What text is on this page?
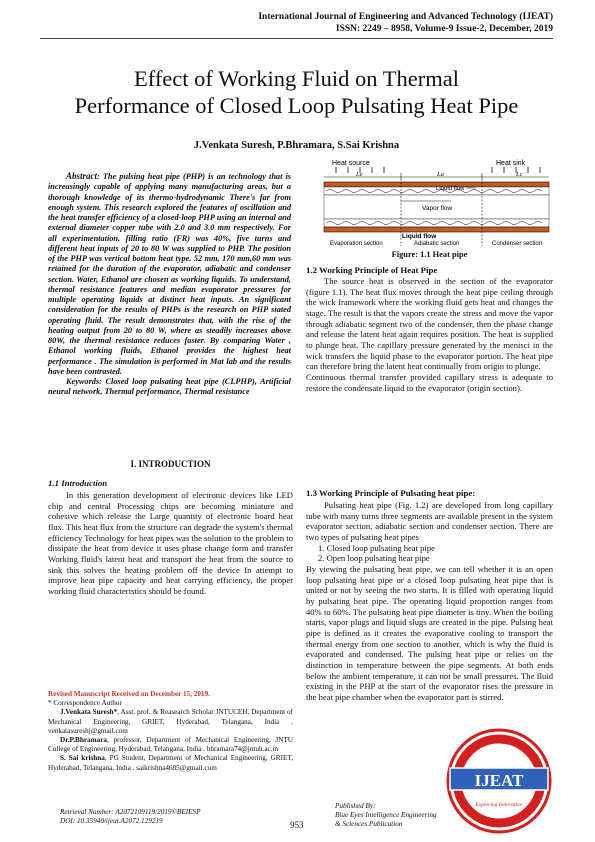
International Journal of Engineering and Advanced Technology (IJEAT)
ISSN: 2249 – 8958, Volume-9 Issue-2, December, 2019
Effect of Working Fluid on Thermal
Performance of Closed Loop Pulsating Heat Pipe
J.Venkata Suresh, P.Bhramara, S.Sai Krishna
Abstract: The pulsing heat pipe (PHP) is an technology that is increasingly capable of applying many manufacturing areas, but a thorough knowledge of its thermo-hydrodynamic There's far from enough system. This research explored the features of oscillation and the heat transfer efficiency of a closed-loop PHP using an internal and external diameter copper tube with 2.0 and 3.0 mm respectively. For all experimentation, filling ratio (FR) was 40%, five turns and different heat inputs of 20 to 80 W was supplied to PHP. The position of the PHP was vertical bottom heat type. 52 mm, 170 mm,60 mm was retained for the duration of the evaporator, adiabatic and condenser section. Water, Ethanol are chosen as working liquids. To understand, thermal resistance features and median evaporator pressures for multiple operating liquids at distinct heat inputs. An significant consideration for the results of PHPs is the research on PHP stated operating fluid. The result demonstrates that, with the rise of the heating output from 20 to 80 W, where as steadily increases above 80W, the thermal resistance reduces faster. By comparing Water , Ethanol working fluids, Ethanol provides the highest heat performance . The simulation is performed in Mat lab and the results have been contrasted.
Keywords: Closed loop pulsating heat pipe (CLPHP), Artificial neural network, Thermal performance, Thermal resistance
I. INTRODUCTION
1.1 Introduction
In this generation development of electronic devices like LED chip and central Processing chips are becoming miniature and cohesive which release the Large quantity of electronic board heat flux. This heat flux from the structure can degrade the system's thermal efficiency Technology for heat pipes was the solution to the problem to dissipate the heat from device it uses phase change form and transfer Working fluid's latent heat and transport the heat from the source to sink this solves the heating problem off the device In attempt to improve heat pipe capacity and heat carrying efficiency, the proper working fluid characteristics should be found.

Revised Manuscript Received on December 15, 2019.

* Correspondence Author

J.Venkata Suresh*, Asst. prof. & Reasearch Scholar JNTUCEH, Department of Mechanical Engineering, GRIET, Hyderabad, Telangana, India . venkatasureshj@gmail.com

Dr.P.Bhramara, professor, Department of Mechanical Engineering, JNTU College of Engineering, Hyderabad, Telangana, India . bhramara74@jntuh.ac.in

S. Sai krishna, PG Student, Department of Mechanical Engineering, GRIET, Hyderabad, Telangana, India . saikrishna4685@gmail.com

Heat source	Heat sink
Le	La	Lc
Liquid flow
Vapor flow
Liquid flow
Evaporation section	Adiabatic section	Condenser section
Figure: 1.1 Heat pipe
1.2 Working Principle of Heat Pipe

The source heat is observed in the section of the evaporator (figure 1.1). The heat flux moves through the heat pipe ceiling through the wick framework where the working fluid gets heat and changes the stage. The result is that the vapors create the stress and move the vapor through adiabatic segment two of the condenser, then the phase change and release the latent heat again requires position. The heat is supplied to plunge heat. The capillary pressure generated by the menisci in the wick transfers the liquid phase to the evaporator portion. The heat pipe can therefore bring the latent heat continually from origin to plunge.

Continuous thermal transfer provided capillary stress is adequate to restore the condensate liquid to the evaporator (origin section).

1.3 Working Principle of Pulsating heat pipe:

Pulsating heat pipe (Fig. 1.2) are developed from long capillary tube with many turns three segments are available present in the system evaporator section, adiabatic section and condenser section. There are two types of pulsating heat pipes

1. Closed loop pulsating heat pipe

2. Open loop pulsating heat pipe

By viewing the pulsating heat pipe, we can tell whether it is an open loop pulsating heat pipe or a closed loop pulsating heat pipe that is united or not by seeing the two starts. It is filled with operating liquid by pulsating heat pipe. The operating liquid proportion ranges from 40% to 60%. The pulsating heat pipe diameter is tiny. When the boiling starts, vapor plugs and liquid slugs are created in the pipe. Pulsing heat pipe is defined as it creates the evaporative cooling to transport the thermal energy from one section to another, which is why the fluid is evaporated and condensed. The pulsing heat pipe or relies on the distinction in temperature between the pipe segments. At both ends below the ambient temperature, it can not be small pressures. The fluid existing in the PHP at the start of the evaporator rises the pressure in the heat pipe chamber when the evaporator part is stirred.

Retrieval Number: A2072109119/2019©BEIESP
DOI: 10.35940/ijeat.A2072.129219	953
Published By:
Blue Eyes Intelligence Engineering
& Sciences Publication
IJEAT
Exploring Innovation
